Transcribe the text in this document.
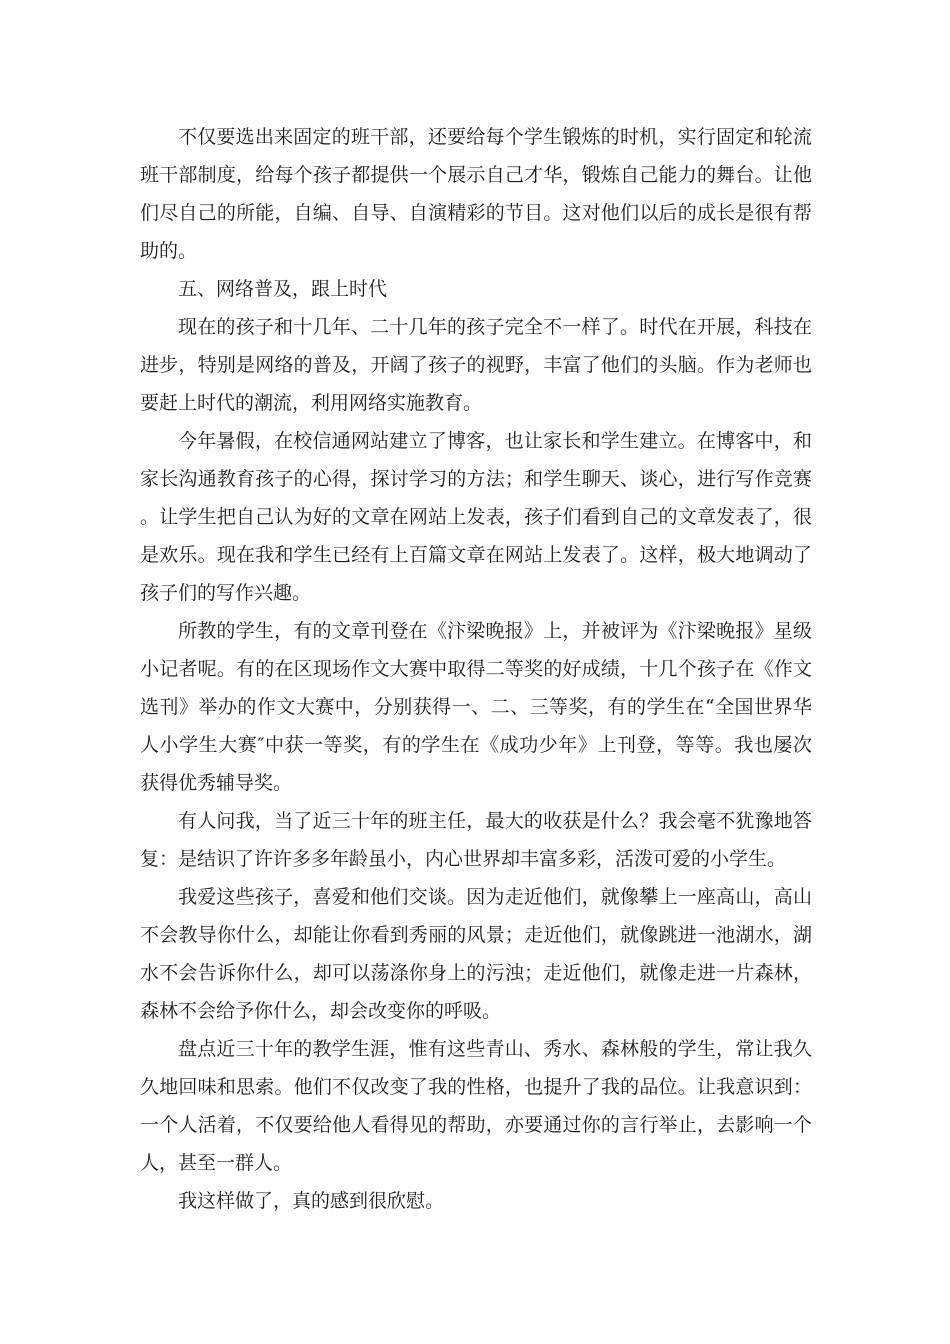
不仅要选出来固定的班干部，还要给每个学生锻炼的时机，实行固定和轮流班干部制度，给每个孩子都提供一个展示自己才华，锻炼自己能力的舞台。让他们尽自己的所能，自编、自导、自演精彩的节目。这对他们以后的成长是很有帮助的。

五、网络普及，跟上时代

现在的孩子和十几年、二十几年的孩子完全不一样了。时代在开展，科技在进步，特别是网络的普及，开阔了孩子的视野，丰富了他们的头脑。作为老师也要赶上时代的潮流，利用网络实施教育。

今年暑假，在校信通网站建立了博客，也让家长和学生建立。在博客中，和家长沟通教育孩子的心得，探讨学习的方法；和学生聊天、谈心，进行写作竞赛。让学生把自己认为好的文章在网站上发表，孩子们看到自己的文章发表了，很是欢乐。现在我和学生已经有上百篇文章在网站上发表了。这样，极大地调动了孩子们的写作兴趣。

所教的学生，有的文章刊登在《汴梁晚报》上，并被评为《汴梁晚报》星级小记者呢。有的在区现场作文大赛中取得二等奖的好成绩，十几个孩子在《作文选刊》举办的作文大赛中，分别获得一、二、三等奖，有的学生在“全国世界华人小学生大赛″中获一等奖，有的学生在《成功少年》上刊登，等等。我也屡次获得优秀辅导奖。

有人问我，当了近三十年的班主任，最大的收获是什么？我会毫不犹豫地答复：是结识了许许多多年龄虽小，内心世界却丰富多彩，活泼可爱的小学生。

我爱这些孩子，喜爱和他们交谈。因为走近他们，就像攀上一座高山，高山不会教导你什么，却能让你看到秀丽的风景；走近他们，就像跳进一池湖水，湖水不会告诉你什么，却可以荡涤你身上的污浊；走近他们，就像走进一片森林，森林不会给予你什么，却会改变你的呼吸。

盘点近三十年的教学生涯，惟有这些青山、秀水、森林般的学生，常让我久久地回味和思索。他们不仅改变了我的性格，也提升了我的品位。让我意识到：一个人活着，不仅要给他人看得见的帮助，亦要通过你的言行举止，去影响一个人，甚至一群人。

我这样做了，真的感到很欣慰。
